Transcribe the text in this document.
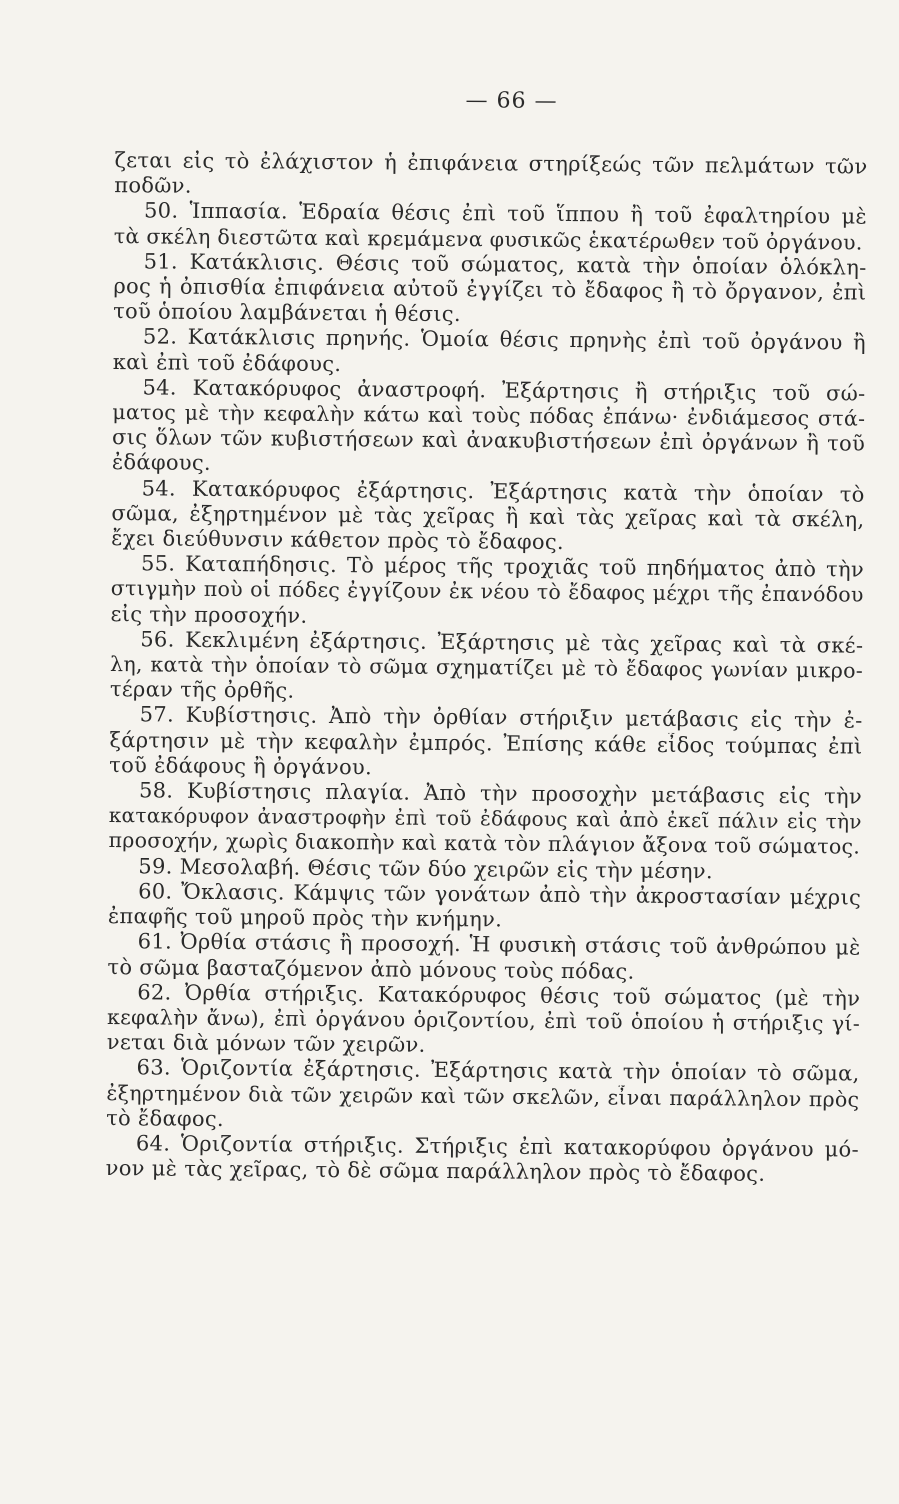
— 66 —
ζεται εἰς τὸ ἐλάχιστον ἡ ἐπιφάνεια στηρίξεώς τῶν πελμάτων τῶν
ποδῶν.
50. Ἱππασία. Ἑδραία θέσις ἐπὶ τοῦ ἵππου ἢ τοῦ ἐφαλτηρίου μὲ
τὰ σκέλη διεστῶτα καὶ κρεμάμενα φυσικῶς ἑκατέρωθεν τοῦ ὀργάνου.
51. Κατάκλισις. Θέσις τοῦ σώματος, κατὰ τὴν ὁποίαν ὁλόκλη-
ρος ἡ ὀπισθία ἐπιφάνεια αὐτοῦ ἐγγίζει τὸ ἔδαφος ἢ τὸ ὄργανον, ἐπὶ
τοῦ ὁποίου λαμβάνεται ἡ θέσις.
52. Κατάκλισις πρηνής. Ὁμοία θέσις πρηνὴς ἐπὶ τοῦ ὀργάνου ἢ
καὶ ἐπὶ τοῦ ἐδάφους.
54. Κατακόρυφος ἀναστροφή. Ἐξάρτησις ἢ στήριξις τοῦ σώ-
ματος μὲ τὴν κεφαλὴν κάτω καὶ τοὺς πόδας ἐπάνω· ἐνδιάμεσος στά-
σις ὅλων τῶν κυβιστήσεων καὶ ἀνακυβιστήσεων ἐπὶ ὀργάνων ἢ τοῦ
ἐδάφους.
54. Κατακόρυφος ἐξάρτησις. Ἐξάρτησις κατὰ τὴν ὁποίαν τὸ
σῶμα, ἐξηρτημένον μὲ τὰς χεῖρας ἢ καὶ τὰς χεῖρας καὶ τὰ σκέλη,
ἔχει διεύθυνσιν κάθετον πρὸς τὸ ἔδαφος.
55. Καταπήδησις. Τὸ μέρος τῆς τροχιᾶς τοῦ πηδήματος ἀπὸ τὴν
στιγμὴν ποὺ οἱ πόδες ἐγγίζουν ἐκ νέου τὸ ἔδαφος μέχρι τῆς ἐπανόδου
εἰς τὴν προσοχήν.
56. Κεκλιμένη ἐξάρτησις. Ἐξάρτησις μὲ τὰς χεῖρας καὶ τὰ σκέ-
λη, κατὰ τὴν ὁποίαν τὸ σῶμα σχηματίζει μὲ τὸ ἔδαφος γωνίαν μικρο-
τέραν τῆς ὀρθῆς.
57. Κυβίστησις. Ἀπὸ τὴν ὀρθίαν στήριξιν μετάβασις εἰς τὴν ἐ-
ξάρτησιν μὲ τὴν κεφαλὴν ἐμπρός. Ἐπίσης κάθε εἶδος τούμπας ἐπὶ
τοῦ ἐδάφους ἢ ὀργάνου.
58. Κυβίστησις πλαγία. Ἀπὸ τὴν προσοχὴν μετάβασις εἰς τὴν
κατακόρυφον ἀναστροφὴν ἐπὶ τοῦ ἐδάφους καὶ ἀπὸ ἐκεῖ πάλιν εἰς τὴν
προσοχήν, χωρὶς διακοπὴν καὶ κατὰ τὸν πλάγιον ἄξονα τοῦ σώματος.
59. Μεσολαβή. Θέσις τῶν δύο χειρῶν εἰς τὴν μέσην.
60. Ὄκλασις. Κάμψις τῶν γονάτων ἀπὸ τὴν ἀκροστασίαν μέχρις
ἐπαφῆς τοῦ μηροῦ πρὸς τὴν κνήμην.
61. Ὀρθία στάσις ἢ προσοχή. Ἡ φυσικὴ στάσις τοῦ ἀνθρώπου μὲ
τὸ σῶμα βασταζόμενον ἀπὸ μόνους τοὺς πόδας.
62. Ὀρθία στήριξις. Κατακόρυφος θέσις τοῦ σώματος (μὲ τὴν
κεφαλὴν ἄνω), ἐπὶ ὀργάνου ὁριζοντίου, ἐπὶ τοῦ ὁποίου ἡ στήριξις γί-
νεται διὰ μόνων τῶν χειρῶν.
63. Ὁριζοντία ἐξάρτησις. Ἐξάρτησις κατὰ τὴν ὁποίαν τὸ σῶμα,
ἐξηρτημένον διὰ τῶν χειρῶν καὶ τῶν σκελῶν, εἶναι παράλληλον πρὸς
τὸ ἔδαφος.
64. Ὁριζοντία στήριξις. Στήριξις ἐπὶ κατακορύφου ὀργάνου μό-
νον μὲ τὰς χεῖρας, τὸ δὲ σῶμα παράλληλον πρὸς τὸ ἔδαφος.
